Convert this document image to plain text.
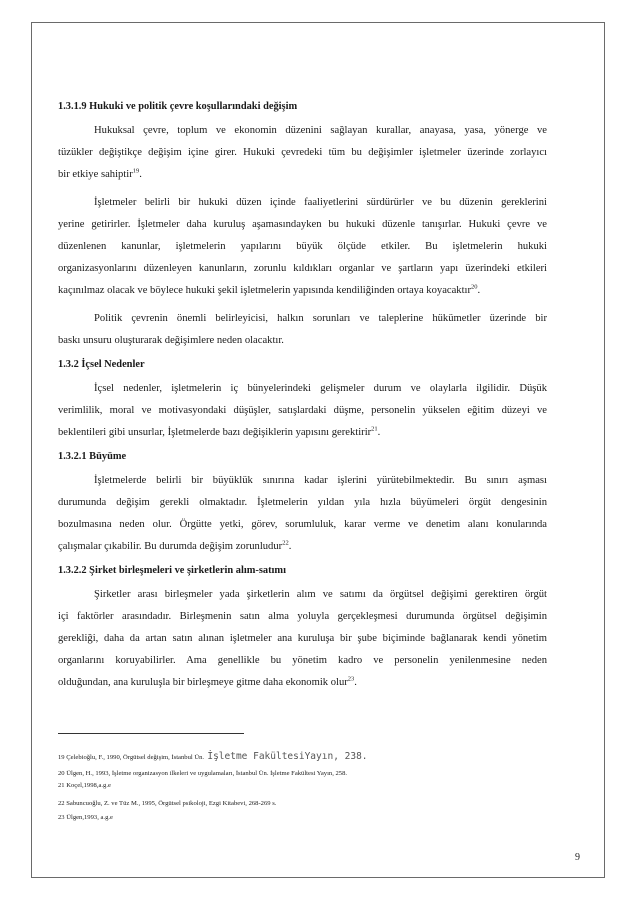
1.3.1.9 Hukuki ve politik çevre koşullarındaki değişim

Hukuksal çevre, toplum ve ekonomin düzenini sağlayan kurallar, anayasa, yasa, yönerge ve
tüzükler değiştikçe değişim içine girer. Hukuki çevredeki tüm bu değişimler işletmeler üzerinde zorlayıcı
bir etkiye sahiptir$^{19}$.
İşletmeler belirli bir hukuki düzen içinde faaliyetlerini sürdürürler ve bu düzenin gereklerini
yerine getirirler. İşletmeler daha kuruluş aşamasındayken bu hukuki düzenle tanışırlar. Hukuki çevre ve
düzenlenen kanunlar, işletmelerin yapılarını büyük ölçüde etkiler. Bu işletmelerin hukuki
organizasyonlarını düzenleyen kanunların, zorunlu kıldıkları organlar ve şartların yapı üzerindeki etkileri
kaçınılmaz olacak ve böylece hukuki şekil işletmelerin yapısında kendiliğinden ortaya koyacaktır$^{20}$.
Politik çevrenin önemli belirleyicisi, halkın sorunları ve taleplerine hükümetler üzerinde bir
baskı unsuru oluşturarak değişimlere neden olacaktır.

1.3.2 İçsel Nedenler

İçsel nedenler, işletmelerin iç bünyelerindeki gelişmeler durum ve olaylarla ilgilidir. Düşük
verimlilik, moral ve motivasyondaki düşüşler, satışlardaki düşme, personelin yükselen eğitim düzeyi ve
beklentileri gibi unsurlar, İşletmelerde bazı değişiklerin yapısını gerektirir$^{21}$.

1.3.2.1 Büyüme

İşletmelerde belirli bir büyüklük sınırına kadar işlerini yürütebilmektedir. Bu sınırı aşması
durumunda değişim gerekli olmaktadır. İşletmelerin yıldan yıla hızla büyümeleri örgüt dengesinin
bozulmasına neden olur. Örgütte yetki, görev, sorumluluk, karar verme ve denetim alanı konularında
çalışmalar çıkabilir. Bu durumda değişim zorunludur$^{22}$.

1.3.2.2 Şirket birleşmeleri ve şirketlerin alım-satımı

Şirketler arası birleşmeler yada şirketlerin alım ve satımı da örgütsel değişimi gerektiren örgüt
içi faktörler arasındadır. Birleşmenin satın alma yoluyla gerçekleşmesi durumunda örgütsel değişimin
gerekliği, daha da artan satın alınan işletmeler ana kuruluşa bir şube biçiminde bağlanarak kendi yönetim
organlarını koruyabilirler. Ama genellikle bu yönetim kadro ve personelin yenilenmesine neden
olduğundan, ana kuruluşla bir birleşmeye gitme daha ekonomik olur$^{23}$.
19 Çelebioğlu, F., 1990, Örgütsel değişim, İstanbul Ün. İşletme FakültesiYayın, 238.
20 Ülgen, H., 1993, İşletme organizasyon ilkeleri ve uygulamaları, İstanbul Ün. İşletme Fakültesi Yayın, 258.
21 Koçel,1998,a.g.e
22 Sabuncuoğlu, Z. ve Tüz M., 1995, Örgütsel psikoloji, Ezgi Kitabevi, 268-269 s.
23 Ülgen,1993, a.g.e
9
